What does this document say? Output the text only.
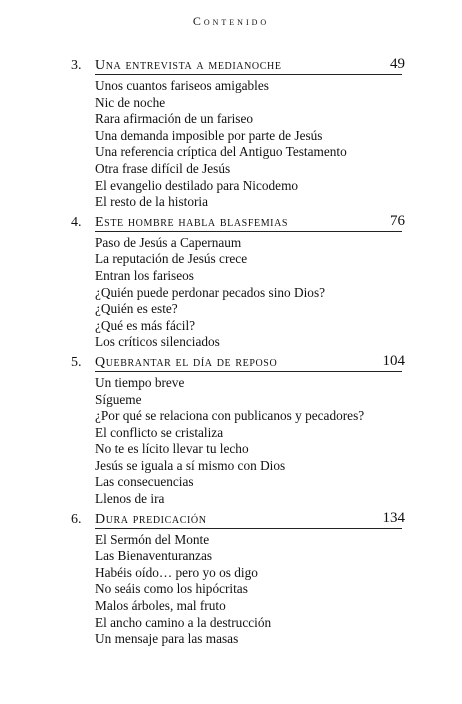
Contenido
3. Una entrevista a medianoche	49
Unos cuantos fariseos amigables
Nic de noche
Rara afirmación de un fariseo
Una demanda imposible por parte de Jesús
Una referencia críptica del Antiguo Testamento
Otra frase difícil de Jesús
El evangelio destilado para Nicodemo
El resto de la historia
4. Este hombre habla blasfemias	76
Paso de Jesús a Capernaum
La reputación de Jesús crece
Entran los fariseos
¿Quién puede perdonar pecados sino Dios?
¿Quién es este?
¿Qué es más fácil?
Los críticos silenciados
5. Quebrantar el día de reposo	104
Un tiempo breve
Sígueme
¿Por qué se relaciona con publicanos y pecadores?
El conflicto se cristaliza
No te es lícito llevar tu lecho
Jesús se iguala a sí mismo con Dios
Las consecuencias
Llenos de ira
6. Dura predicación	134
El Sermón del Monte
Las Bienaventuranzas
Habéis oído… pero yo os digo
No seáis como los hipócritas
Malos árboles, mal fruto
El ancho camino a la destrucción
Un mensaje para las masas
